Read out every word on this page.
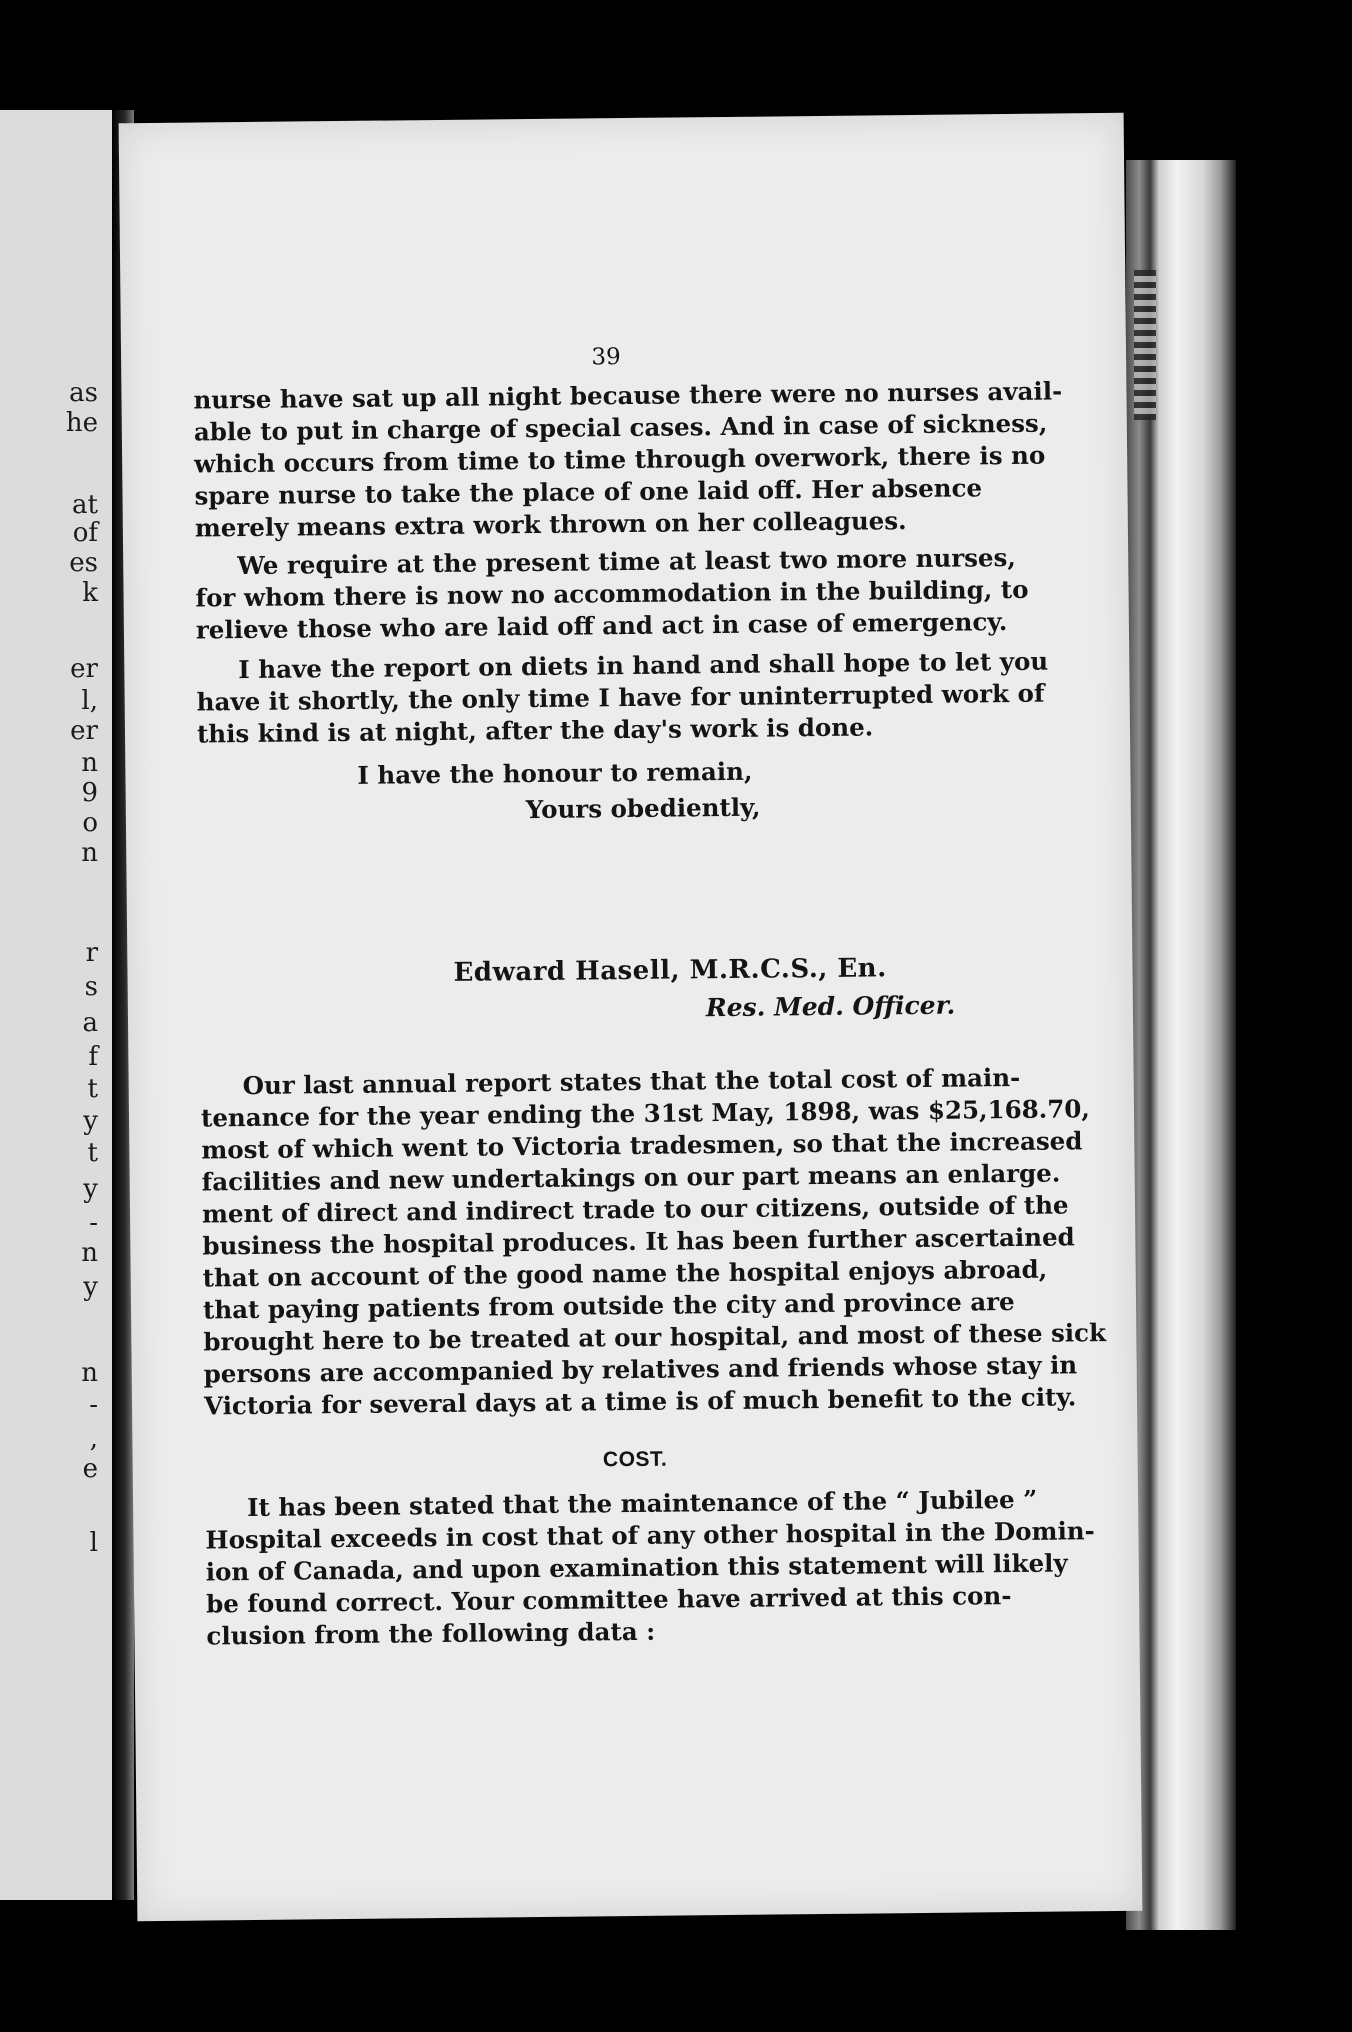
as
he
at
of
es
k
er
l,
er
n
9
o
n
r
s
a
f
t
y
t
y
-
n
y
n
-
,
e
l
39
nurse have sat up all night because there were no nurses avail-
able to put in charge of special cases. And in case of sickness,
which occurs from time to time through overwork, there is no
spare nurse to take the place of one laid off. Her absence
merely means extra work thrown on her colleagues.
We require at the present time at least two more nurses,
for whom there is now no accommodation in the building, to
relieve those who are laid off and act in case of emergency.
I have the report on diets in hand and shall hope to let you
have it shortly, the only time I have for uninterrupted work of
this kind is at night, after the day's work is done.
I have the honour to remain,
Yours obediently,
Edward Hasell, M.R.C.S., En.
Res. Med. Officer.
Our last annual report states that the total cost of main-
tenance for the year ending the 31st May, 1898, was $25,168.70,
most of which went to Victoria tradesmen, so that the increased
facilities and new undertakings on our part means an enlarge.
ment of direct and indirect trade to our citizens, outside of the
business the hospital produces. It has been further ascertained
that on account of the good name the hospital enjoys abroad,
that paying patients from outside the city and province are
brought here to be treated at our hospital, and most of these sick
persons are accompanied by relatives and friends whose stay in
Victoria for several days at a time is of much benefit to the city.
COST.
It has been stated that the maintenance of the “ Jubilee ”
Hospital exceeds in cost that of any other hospital in the Domin-
ion of Canada, and upon examination this statement will likely
be found correct. Your committee have arrived at this con-
clusion from the following data :
